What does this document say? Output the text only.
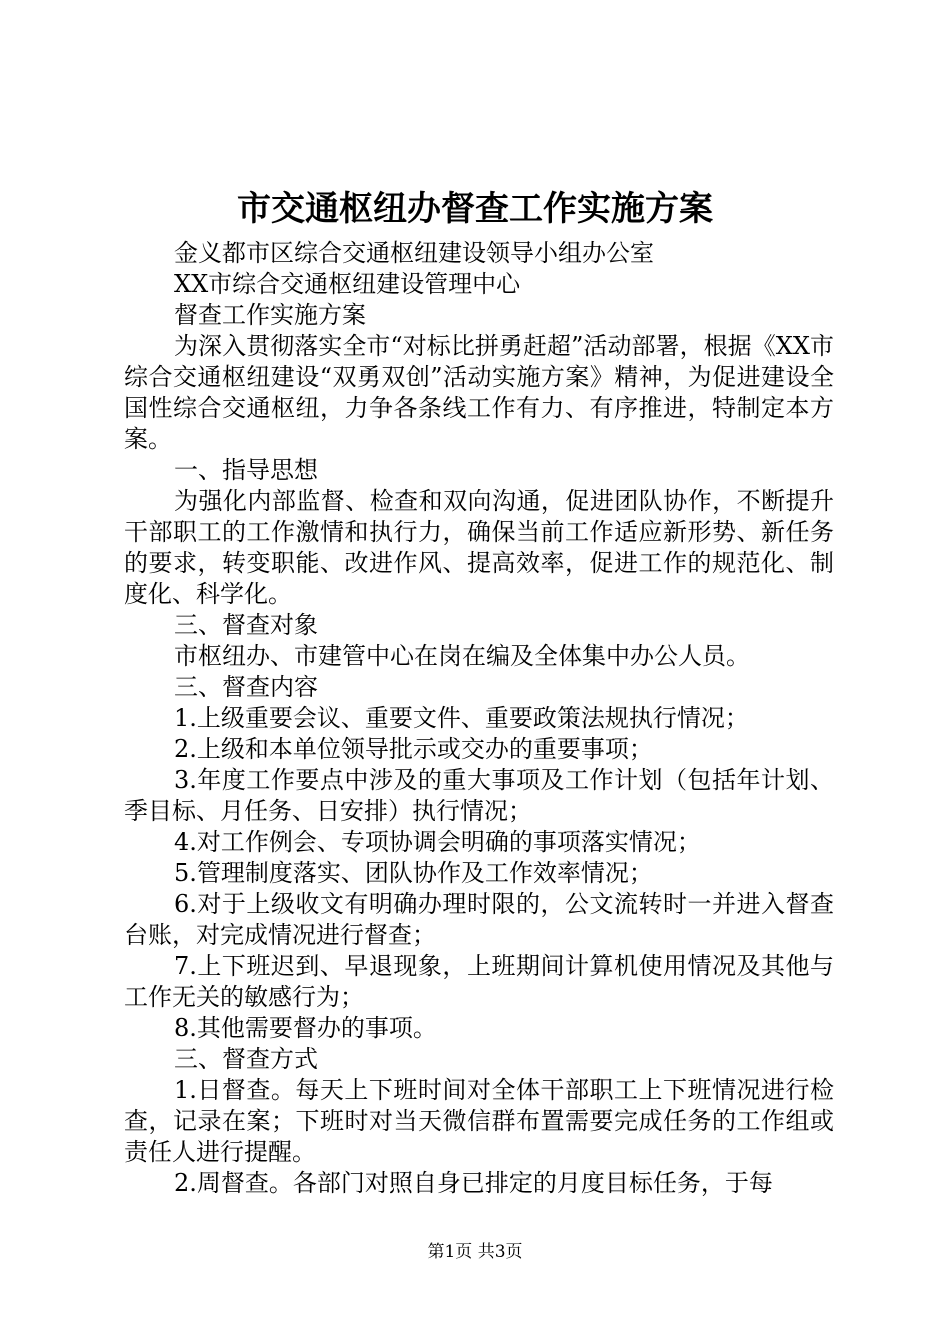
市交通枢纽办督查工作实施方案

金义都市区综合交通枢纽建设领导小组办公室

XX市综合交通枢纽建设管理中心

督查工作实施方案

为深入贯彻落实全市“对标比拼勇赶超”活动部署，根据《XX市综合交通枢纽建设“双勇双创”活动实施方案》精神，为促进建设全国性综合交通枢纽，力争各条线工作有力、有序推进，特制定本方案。

一、指导思想

为强化内部监督、检查和双向沟通，促进团队协作，不断提升干部职工的工作激情和执行力，确保当前工作适应新形势、新任务的要求，转变职能、改进作风、提高效率，促进工作的规范化、制度化、科学化。

三、督查对象

市枢纽办、市建管中心在岗在编及全体集中办公人员。

三、督查内容

1.上级重要会议、重要文件、重要政策法规执行情况；

2.上级和本单位领导批示或交办的重要事项；

3.年度工作要点中涉及的重大事项及工作计划（包括年计划、季目标、月任务、日安排）执行情况；

4.对工作例会、专项协调会明确的事项落实情况；

5.管理制度落实、团队协作及工作效率情况；

6.对于上级收文有明确办理时限的，公文流转时一并进入督查台账，对完成情况进行督查；

7.上下班迟到、早退现象，上班期间计算机使用情况及其他与工作无关的敏感行为；

8.其他需要督办的事项。

三、督查方式

1.日督查。每天上下班时间对全体干部职工上下班情况进行检查，记录在案；下班时对当天微信群布置需要完成任务的工作组或责任人进行提醒。

2.周督查。各部门对照自身已排定的月度目标任务，于每

第1页 共3页
